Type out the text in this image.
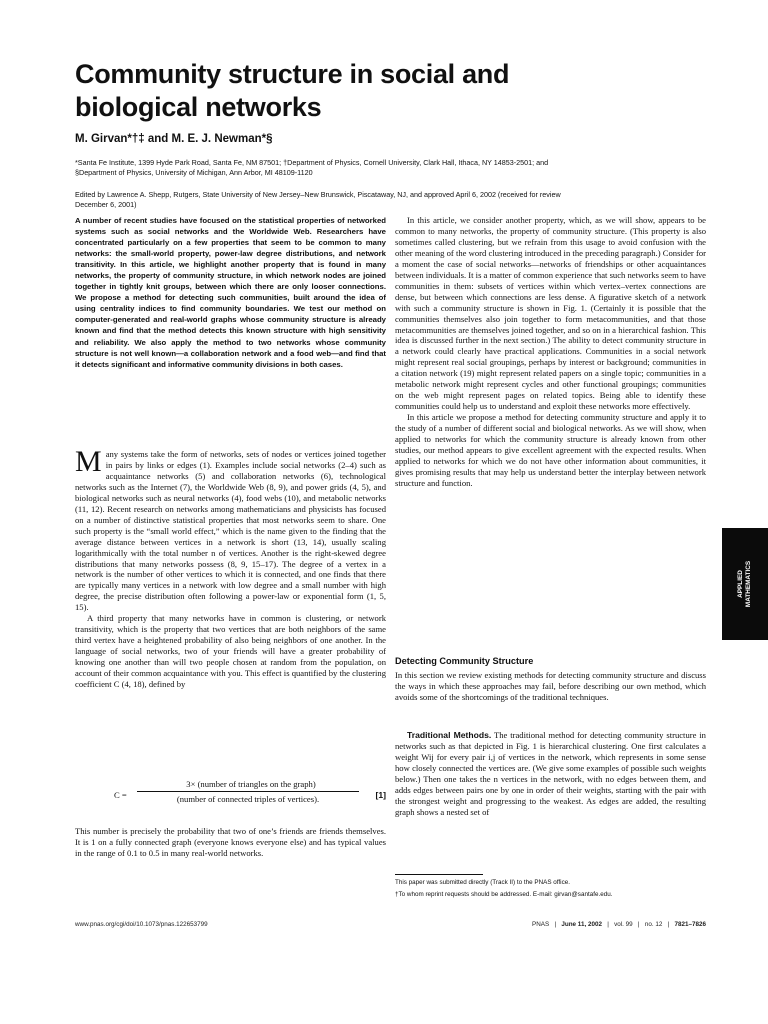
Community structure in social and
biological networks
M. Girvan*†‡ and M. E. J. Newman*§
*Santa Fe Institute, 1399 Hyde Park Road, Santa Fe, NM 87501; †Department of Physics, Cornell University, Clark Hall, Ithaca, NY 14853-2501; and
§Department of Physics, University of Michigan, Ann Arbor, MI 48109-1120
Edited by Lawrence A. Shepp, Rutgers, State University of New Jersey–New Brunswick, Piscataway, NJ, and approved April 6, 2002 (received for review
December 6, 2001)
A number of recent studies have focused on the statistical properties of networked systems such as social networks and the Worldwide Web. Researchers have concentrated particularly on a few properties that seem to be common to many networks: the small-world property, power-law degree distributions, and network transitivity. In this article, we highlight another property that is found in many networks, the property of community structure, in which network nodes are joined together in tightly knit groups, between which there are only looser connections. We propose a method for detecting such communities, built around the idea of using centrality indices to find community boundaries. We test our method on computer-generated and real-world graphs whose community structure is already known and find that the method detects this known structure with high sensitivity and reliability. We also apply the method to two networks whose community structure is not well known—a collaboration network and a food web—and find that it detects significant and informative community divisions in both cases.

Many systems take the form of networks, sets of nodes or vertices joined together in pairs by links or edges (1). Examples include social networks (2–4) such as acquaintance networks (5) and collaboration networks (6), technological networks such as the Internet (7), the Worldwide Web (8, 9), and power grids (4, 5), and biological networks such as neural networks (4), food webs (10), and metabolic networks (11, 12). Recent research on networks among mathematicians and physicists has focused on a number of distinctive statistical properties that most networks seem to share. One such property is the “small world effect,” which is the name given to the finding that the average distance between vertices in a network is short (13, 14), usually scaling logarithmically with the total number n of vertices. Another is the right-skewed degree distributions that many networks possess (8, 9, 15–17). The degree of a vertex in a network is the number of other vertices to which it is connected, and one finds that there are typically many vertices in a network with low degree and a small number with high degree, the precise distribution often following a power-law or exponential form (1, 5, 15).

A third property that many networks have in common is clustering, or network transitivity, which is the property that two vertices that are both neighbors of the same third vertex have a heightened probability of also being neighbors of one another. In the language of social networks, two of your friends will have a greater probability of knowing one another than will two people chosen at random from the population, on account of their common acquaintance with you. This effect is quantified by the clustering coefficient C (4, 18), defined by

C =
3× (number of triangles on the graph)
(number of connected triples of vertices).	[1]
This number is precisely the probability that two of one’s friends are friends themselves. It is 1 on a fully connected graph (everyone knows everyone else) and has typical values in the range of 0.1 to 0.5 in many real-world networks.

In this article, we consider another property, which, as we will show, appears to be common to many networks, the property of community structure. (This property is also sometimes called clustering, but we refrain from this usage to avoid confusion with the other meaning of the word clustering introduced in the preceding paragraph.) Consider for a moment the case of social networks—networks of friendships or other acquaintances between individuals. It is a matter of common experience that such networks seem to have communities in them: subsets of vertices within which vertex–vertex connections are dense, but between which connections are less dense. A figurative sketch of a network with such a community structure is shown in Fig. 1. (Certainly it is possible that the communities themselves also join together to form metacommunities, and that those metacommunities are themselves joined together, and so on in a hierarchical fashion. This idea is discussed further in the next section.) The ability to detect community structure in a network could clearly have practical applications. Communities in a social network might represent real social groupings, perhaps by interest or background; communities in a citation network (19) might represent related papers on a single topic; communities in a metabolic network might represent cycles and other functional groupings; communities on the web might represent pages on related topics. Being able to identify these communities could help us to understand and exploit these networks more effectively.

In this article we propose a method for detecting community structure and apply it to the study of a number of different social and biological networks. As we will show, when applied to networks for which the community structure is already known from other studies, our method appears to give excellent agreement with the expected results. When applied to networks for which we do not have other information about communities, it gives promising results that may help us understand better the interplay between network structure and function.

Detecting Community Structure
In this section we review existing methods for detecting community structure and discuss the ways in which these approaches may fail, before describing our own method, which avoids some of the shortcomings of the traditional techniques.

Traditional Methods. The traditional method for detecting community structure in networks such as that depicted in Fig. 1 is hierarchical clustering. One first calculates a weight Wij for every pair i,j of vertices in the network, which represents in some sense how closely connected the vertices are. (We give some examples of possible such weights below.) Then one takes the n vertices in the network, with no edges between them, and adds edges between pairs one by one in order of their weights, starting with the pair with the strongest weight and progressing to the weakest. As edges are added, the resulting graph shows a nested set of

This paper was submitted directly (Track II) to the PNAS office.
†To whom reprint requests should be addressed. E-mail: girvan@santafe.edu.
www.pnas.org/cgi/doi/10.1073/pnas.122653799	PNAS | June 11, 2002 | vol. 99 | no. 12 | 7821–7826
APPLIED MATHEMATICS
